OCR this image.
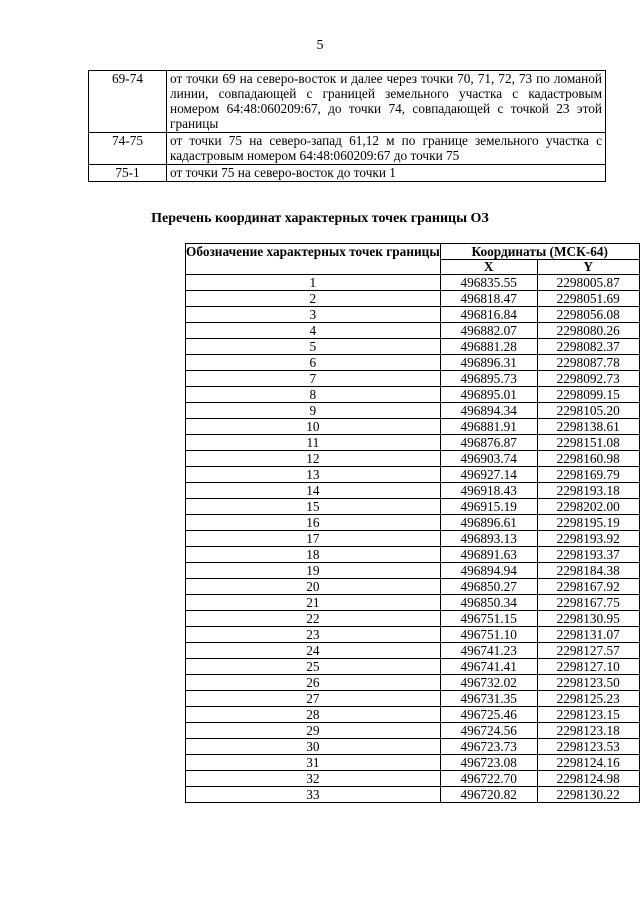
5
69-74	от точки 69 на северо-восток и далее через точки 70, 71, 72, 73 по ломаной линии, совпадающей с границей земельного участка с кадастровым номером 64:48:060209:67, до точки 74, совпадающей с точкой 23 этой границы
74-75	от точки 75 на северо-запад 61,12 м по границе земельного участка с кадастровым номером 64:48:060209:67 до точки 75
75-1	от точки 75 на северо-восток до точки 1
Перечень координат характерных точек границы ОЗ
Обозначение характерных точек границы	Координаты (МСК-64)	
	X	Y
1	496835.55	2298005.87
2	496818.47	2298051.69
3	496816.84	2298056.08
4	496882.07	2298080.26
5	496881.28	2298082.37
6	496896.31	2298087.78
7	496895.73	2298092.73
8	496895.01	2298099.15
9	496894.34	2298105.20
10	496881.91	2298138.61
11	496876.87	2298151.08
12	496903.74	2298160.98
13	496927.14	2298169.79
14	496918.43	2298193.18
15	496915.19	2298202.00
16	496896.61	2298195.19
17	496893.13	2298193.92
18	496891.63	2298193.37
19	496894.94	2298184.38
20	496850.27	2298167.92
21	496850.34	2298167.75
22	496751.15	2298130.95
23	496751.10	2298131.07
24	496741.23	2298127.57
25	496741.41	2298127.10
26	496732.02	2298123.50
27	496731.35	2298125.23
28	496725.46	2298123.15
29	496724.56	2298123.18
30	496723.73	2298123.53
31	496723.08	2298124.16
32	496722.70	2298124.98
33	496720.82	2298130.22
